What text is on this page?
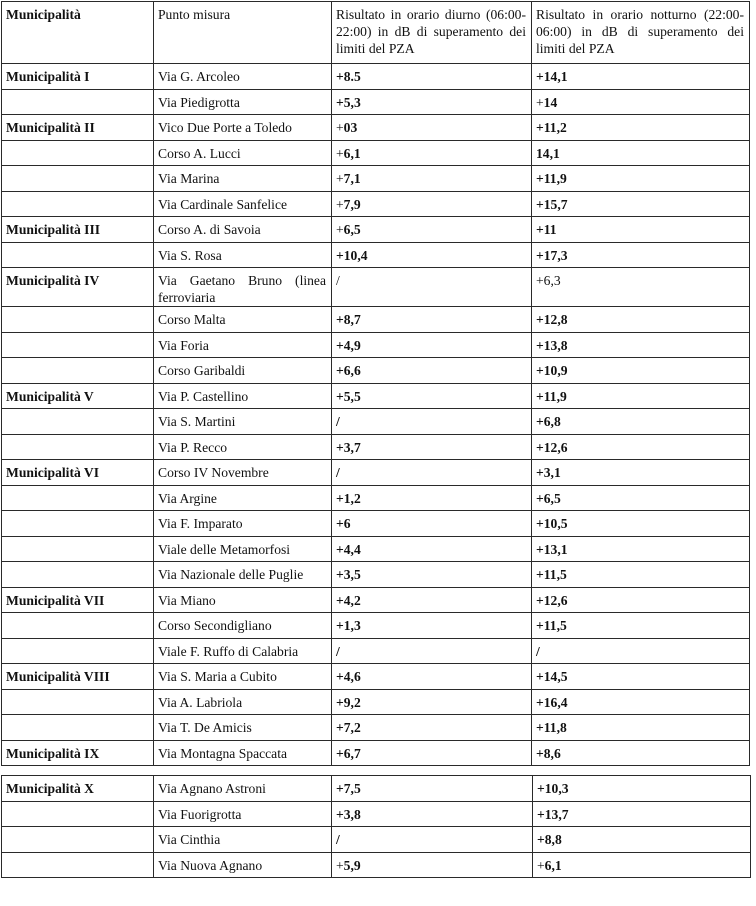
Municipalità	Punto misura	Risultato in orario diurno (06:00-22:00) in dB di superamento dei limiti del PZA	Risultato in orario notturno (22:00-06:00) in dB di superamento dei limiti del PZA
Municipalità I	Via G. Arcoleo	+8.5	+14,1
	Via Piedigrotta	+5,3	+14
Municipalità II	Vico Due Porte a Toledo	+03	+11,2
	Corso A. Lucci	+6,1	14,1
	Via Marina	+7,1	+11,9
	Via Cardinale Sanfelice	+7,9	+15,7
Municipalità III	Corso A. di Savoia	+6,5	+11
	Via S. Rosa	+10,4	+17,3
Municipalità IV	Via Gaetano Bruno (linea ferroviaria	/	+6,3
	Corso Malta	+8,7	+12,8
	Via Foria	+4,9	+13,8
	Corso Garibaldi	+6,6	+10,9
Municipalità V	Via P. Castellino	+5,5	+11,9
	Via S. Martini	/	+6,8
	Via P. Recco	+3,7	+12,6
Municipalità VI	Corso IV Novembre	/	+3,1
	Via Argine	+1,2	+6,5
	Via F. Imparato	+6	+10,5
	Viale delle Metamorfosi	+4,4	+13,1
	Via Nazionale delle Puglie	+3,5	+11,5
Municipalità VII	Via Miano	+4,2	+12,6
	Corso Secondigliano	+1,3	+11,5
	Viale F. Ruffo di Calabria	/	/
Municipalità VIII	Via S. Maria a Cubito	+4,6	+14,5
	Via A. Labriola	+9,2	+16,4
	Via T. De Amicis	+7,2	+11,8
Municipalità IX	Via Montagna Spaccata	+6,7	+8,6
Municipalità X	Via Agnano Astroni	+7,5	+10,3
	Via Fuorigrotta	+3,8	+13,7
	Via Cinthia	/	+8,8
	Via Nuova Agnano	+5,9	+6,1
